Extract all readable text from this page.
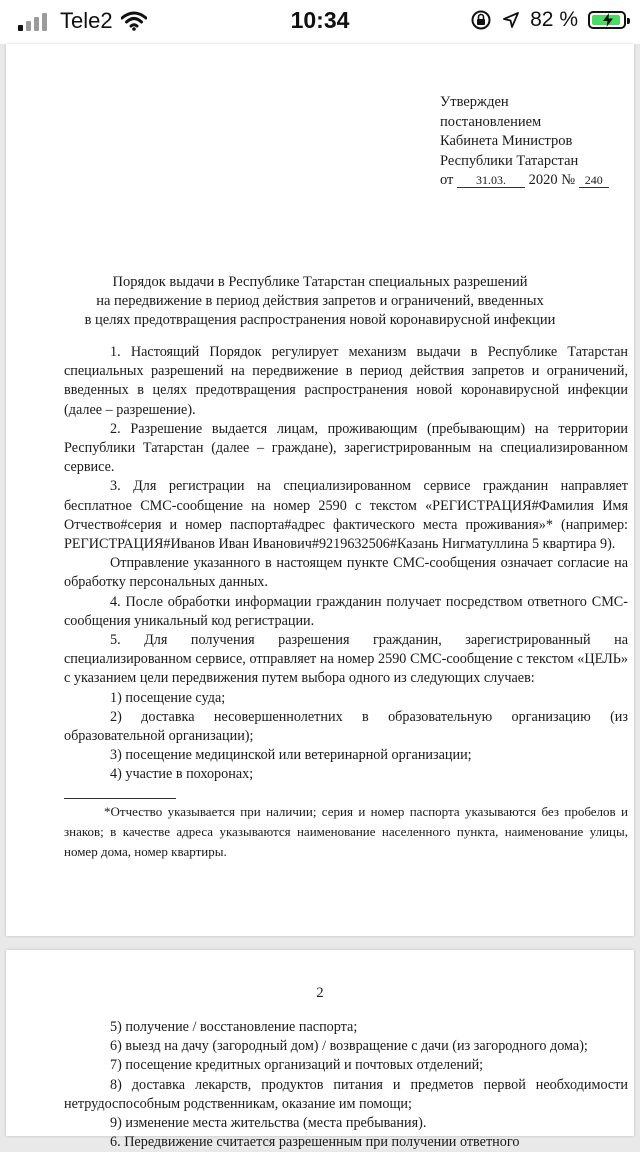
Tele2	10:34	82 %
Утвержден
постановлением
Кабинета Министров
Республики Татарстан
от 31.03. 2020 № 240
Порядок выдачи в Республике Татарстан специальных разрешений
на передвижение в период действия запретов и ограничений, введенных
в целях предотвращения распространения новой коронавирусной инфекции

1. Настоящий Порядок регулирует механизм выдачи в Республике Татарстан специальных разрешений на передвижение в период действия запретов и ограничений, введенных в целях предотвращения распространения новой коронавирусной инфекции (далее – разрешение).

2. Разрешение выдается лицам, проживающим (пребывающим) на территории Республики Татарстан (далее – граждане), зарегистрированным на специализированном сервисе.

3. Для регистрации на специализированном сервисе гражданин направляет бесплатное СМС-сообщение на номер 2590 с текстом «РЕГИСТРАЦИЯ#Фамилия Имя Отчество#серия и номер паспорта#адрес фактического места проживания»* (например: РЕГИСТРАЦИЯ#Иванов Иван Иванович#9219632506#Казань Нигматуллина 5 квартира 9).

Отправление указанного в настоящем пункте СМС-сообщения означает согласие на обработку персональных данных.

4. После обработки информации гражданин получает посредством ответного СМС-сообщения уникальный код регистрации.

5. Для получения разрешения гражданин, зарегистрированный на специализированном сервисе, отправляет на номер 2590 СМС-сообщение с текстом «ЦЕЛЬ» с указанием цели передвижения путем выбора одного из следующих случаев:

1) посещение суда;

2) доставка несовершеннолетних в образовательную организацию (из образовательной организации);

3) посещение медицинской или ветеринарной организации;

4) участие в похоронах;

*Отчество указывается при наличии; серия и номер паспорта указываются без пробелов и знаков; в качестве адреса указываются наименование населенного пункта, наименование улицы, номер дома, номер квартиры.
2

5) получение / восстановление паспорта;

6) выезд на дачу (загородный дом) / возвращение с дачи (из загородного дома);

7) посещение кредитных организаций и почтовых отделений;

8) доставка лекарств, продуктов питания и предметов первой необходимости нетрудоспособным родственникам, оказание им помощи;

9) изменение места жительства (места пребывания).

6. Передвижение считается разрешенным при получении ответного
